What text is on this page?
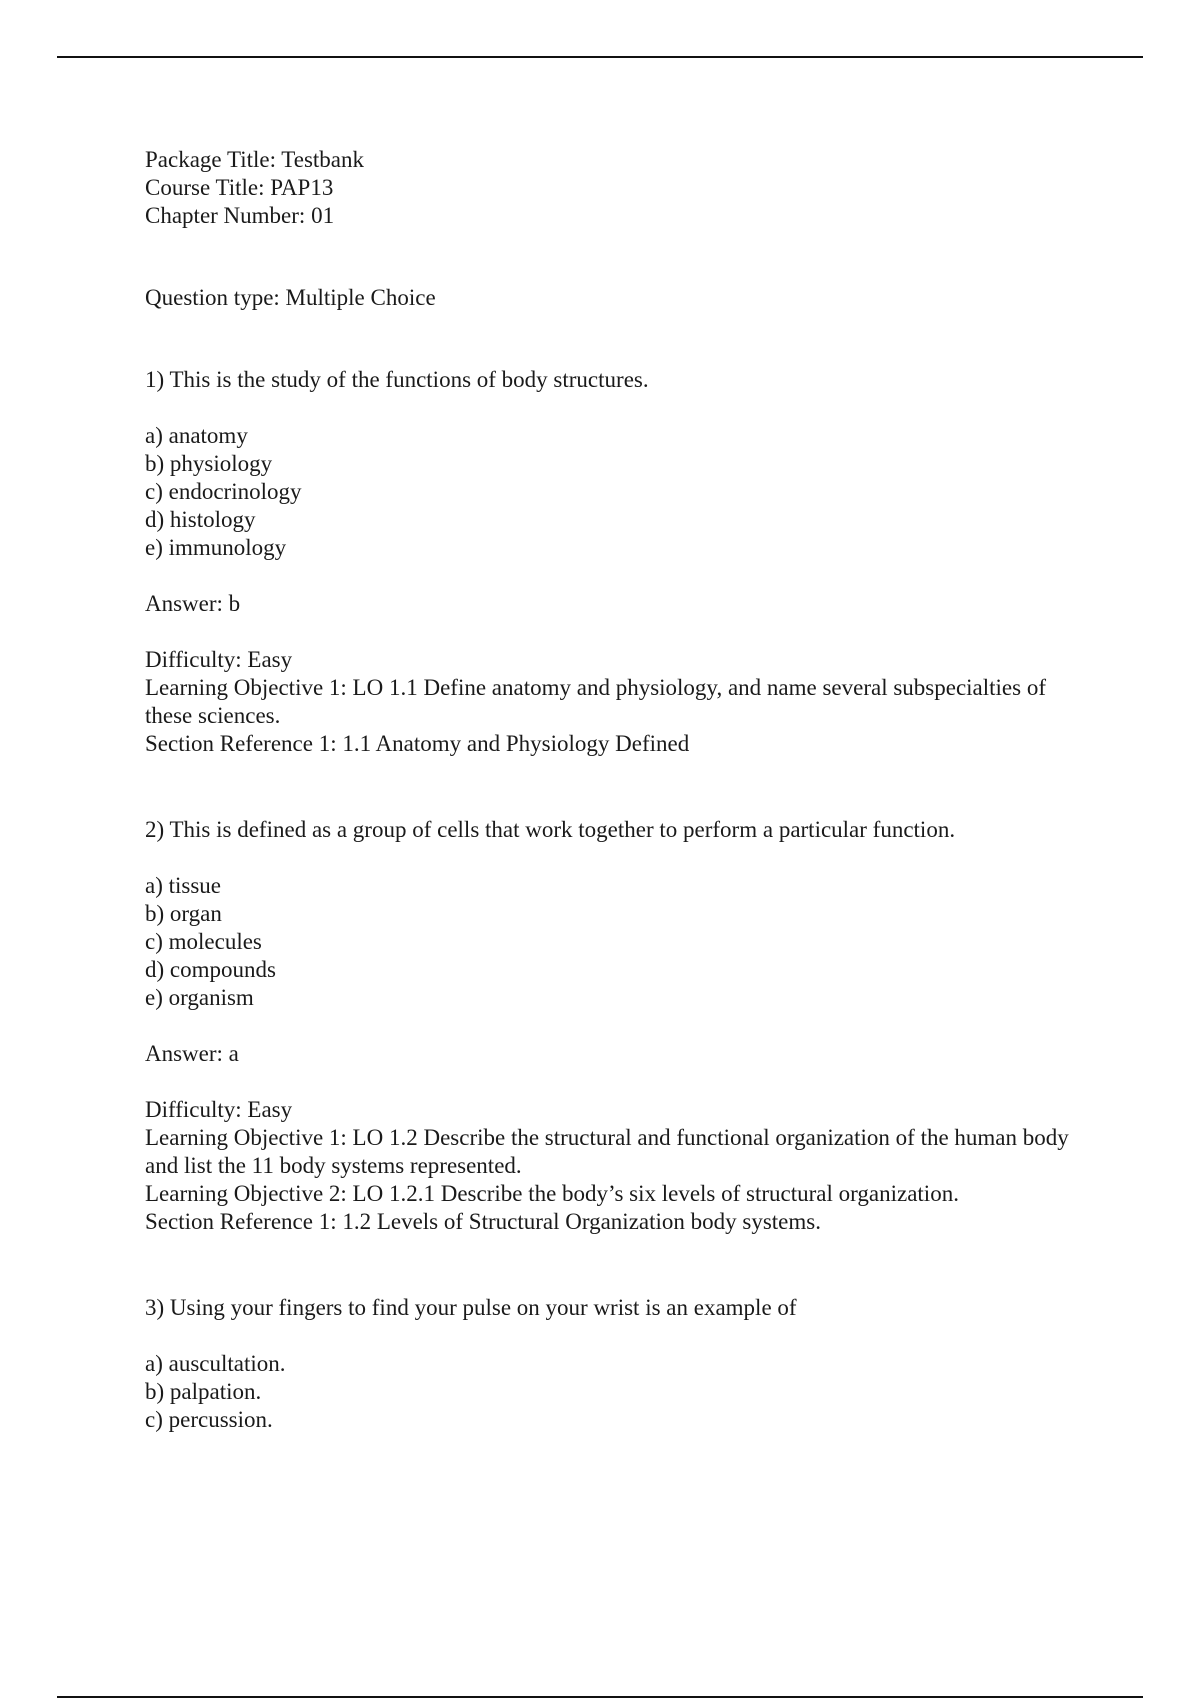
Package Title: Testbank
Course Title: PAP13
Chapter Number: 01
Question type: Multiple Choice
1) This is the study of the functions of body structures.
a) anatomy
b) physiology
c) endocrinology
d) histology
e) immunology
Answer: b
Difficulty: Easy
Learning Objective 1: LO 1.1 Define anatomy and physiology, and name several subspecialties of these sciences.
Section Reference 1: 1.1 Anatomy and Physiology Defined
2) This is defined as a group of cells that work together to perform a particular function.
a) tissue
b) organ
c) molecules
d) compounds
e) organism
Answer: a
Difficulty: Easy
Learning Objective 1: LO 1.2 Describe the structural and functional organization of the human body and list the 11 body systems represented.
Learning Objective 2: LO 1.2.1 Describe the body’s six levels of structural organization.
Section Reference 1: 1.2 Levels of Structural Organization body systems.
3) Using your fingers to find your pulse on your wrist is an example of
a) auscultation.
b) palpation.
c) percussion.
